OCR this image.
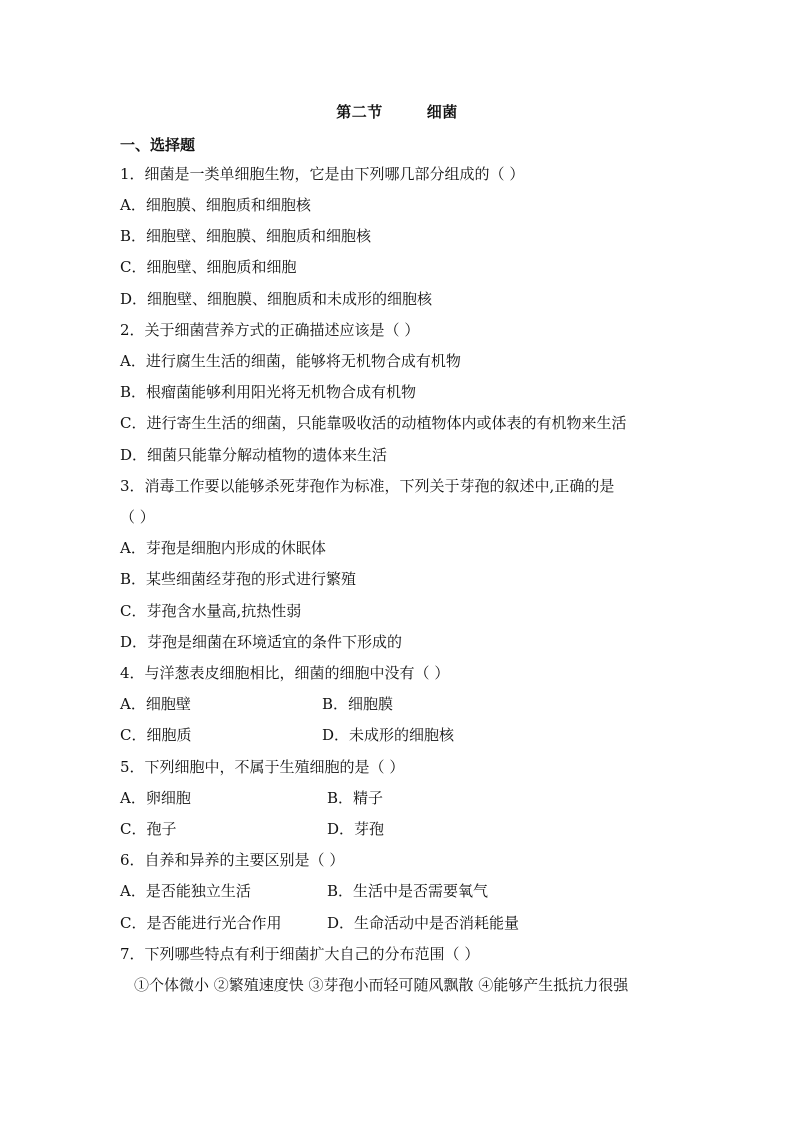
第二节	细菌
一、选择题
1．细菌是一类单细胞生物，它是由下列哪几部分组成的（ ）
A．细胞膜、细胞质和细胞核
B．细胞壁、细胞膜、细胞质和细胞核
C．细胞壁、细胞质和细胞
D．细胞壁、细胞膜、细胞质和未成形的细胞核
2．关于细菌营养方式的正确描述应该是（ ）
A．进行腐生生活的细菌，能够将无机物合成有机物
B．根瘤菌能够利用阳光将无机物合成有机物
C．进行寄生生活的细菌，只能靠吸收活的动植物体内或体表的有机物来生活
D．细菌只能靠分解动植物的遗体来生活
3．消毒工作要以能够杀死芽孢作为标准，下列关于芽孢的叙述中,正确的是
（ ）
A．芽孢是细胞内形成的休眠体
B．某些细菌经芽孢的形式进行繁殖
C．芽孢含水量高,抗热性弱
D．芽孢是细菌在环境适宜的条件下形成的
4．与洋葱表皮细胞相比，细菌的细胞中没有（ ）
A．细胞壁	B．细胞膜
C．细胞质	D．未成形的细胞核
5．下列细胞中，不属于生殖细胞的是（ ）
A．卵细胞	B．精子
C．孢子	D．芽孢
6．自养和异养的主要区别是（ ）
A．是否能独立生活	B．生活中是否需要氧气
C．是否能进行光合作用	D．生命活动中是否消耗能量
7．下列哪些特点有利于细菌扩大自己的分布范围（ ）
①个体微小 ②繁殖速度快 ③芽孢小而轻可随风飘散 ④能够产生抵抗力很强
